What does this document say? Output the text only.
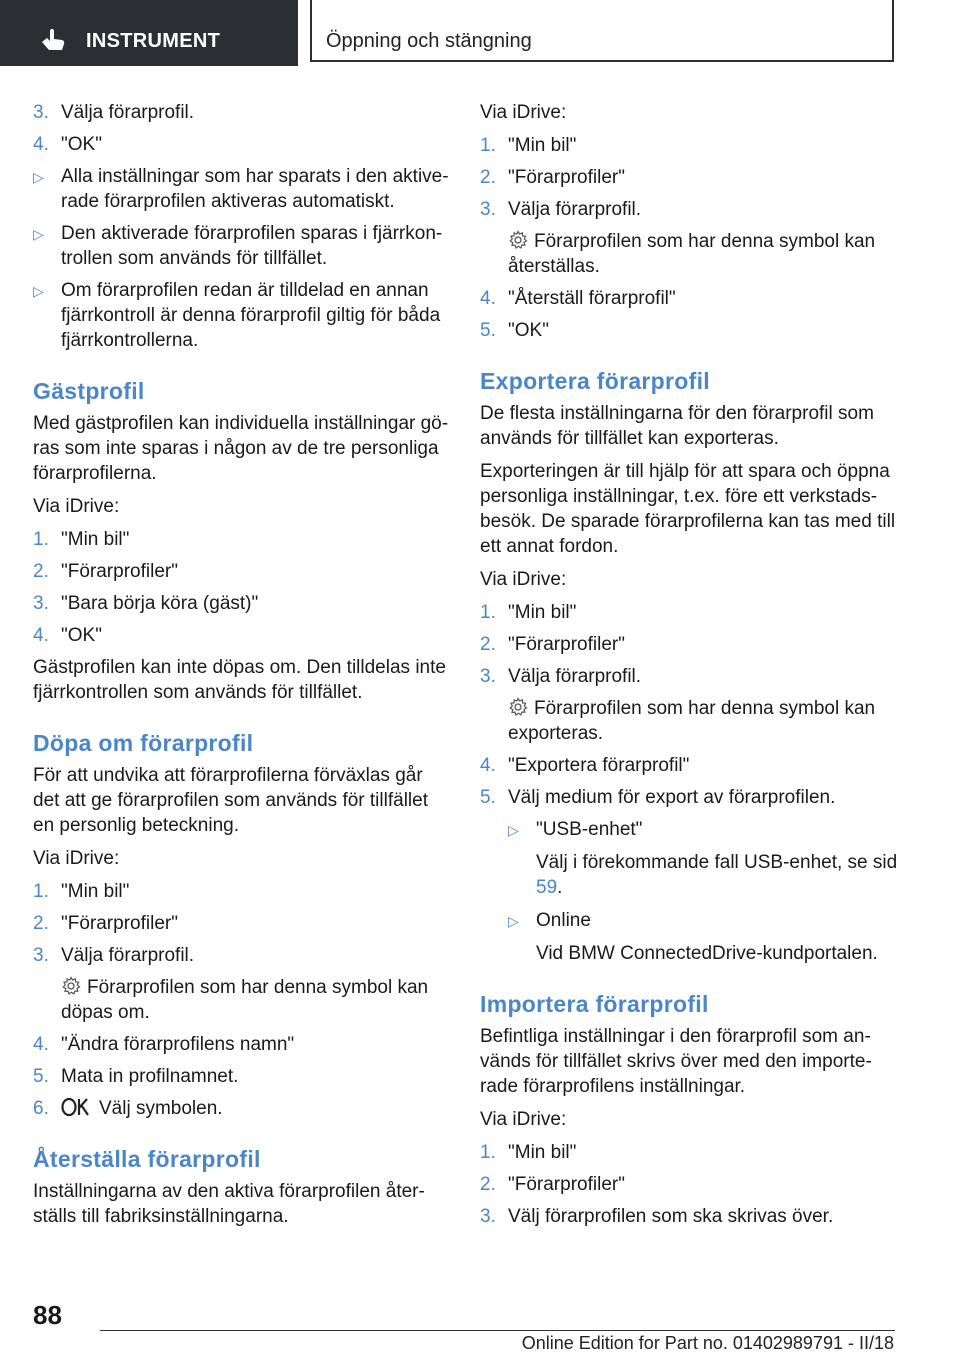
INSTRUMENT	Öppning och stängning
3. Välja förarprofil.
4. "OK"
▷ Alla inställningar som har sparats i den aktiverade förarprofilen aktiveras automatiskt.
▷ Den aktiverade förarprofilen sparas i fjärrkontrollen som används för tillfället.
▷ Om förarprofilen redan är tilldelad en annan fjärrkontroll är denna förarprofil giltig för båda fjärrkontrollerna.
Gästprofil

Med gästprofilen kan individuella inställningar göras som inte sparas i någon av de tre personliga förarprofilerna.

Via iDrive:

1. "Min bil"
2. "Förarprofiler"
3. "Bara börja köra (gäst)"
4. "OK"

Gästprofilen kan inte döpas om. Den tilldelas inte fjärrkontrollen som används för tillfället.

Döpa om förarprofil

För att undvika att förarprofilerna förväxlas går det att ge förarprofilen som används för tillfället en personlig beteckning.

Via iDrive:

1. "Min bil"
2. "Förarprofiler"
3. Välja förarprofil.
Förarprofilen som har denna symbol kan döpas om.
4. "Ändra förarprofilens namn"
5. Mata in profilnamnet.
6.	Välj symbolen.
Återställa förarprofil

Inställningarna av den aktiva förarprofilen återställs till fabriksinställningarna.

Via iDrive:

1. "Min bil"
2. "Förarprofiler"
3. Välja förarprofil.
Förarprofilen som har denna symbol kan återställas.
4. "Återställ förarprofil"
5. "OK"
Exportera förarprofil

De flesta inställningarna för den förarprofil som används för tillfället kan exporteras.

Exporteringen är till hjälp för att spara och öppna personliga inställningar, t.ex. före ett verkstadsbesök. De sparade förarprofilerna kan tas med till ett annat fordon.

Via iDrive:

1. "Min bil"
2. "Förarprofiler"
3. Välja förarprofil.
Förarprofilen som har denna symbol kan exporteras.
4. "Exportera förarprofil"
5. Välj medium för export av förarprofilen.
▷ "USB-enhet"
Välj i förekommande fall USB-enhet, se sid 59.
▷ Online
Vid BMW ConnectedDrive-kundportalen.
Importera förarprofil

Befintliga inställningar i den förarprofil som används för tillfället skrivs över med den importerade förarprofilens inställningar.

Via iDrive:

1. "Min bil"
2. "Förarprofiler"
3. Välj förarprofilen som ska skrivas över.
88
Online Edition for Part no. 01402989791 - II/18
